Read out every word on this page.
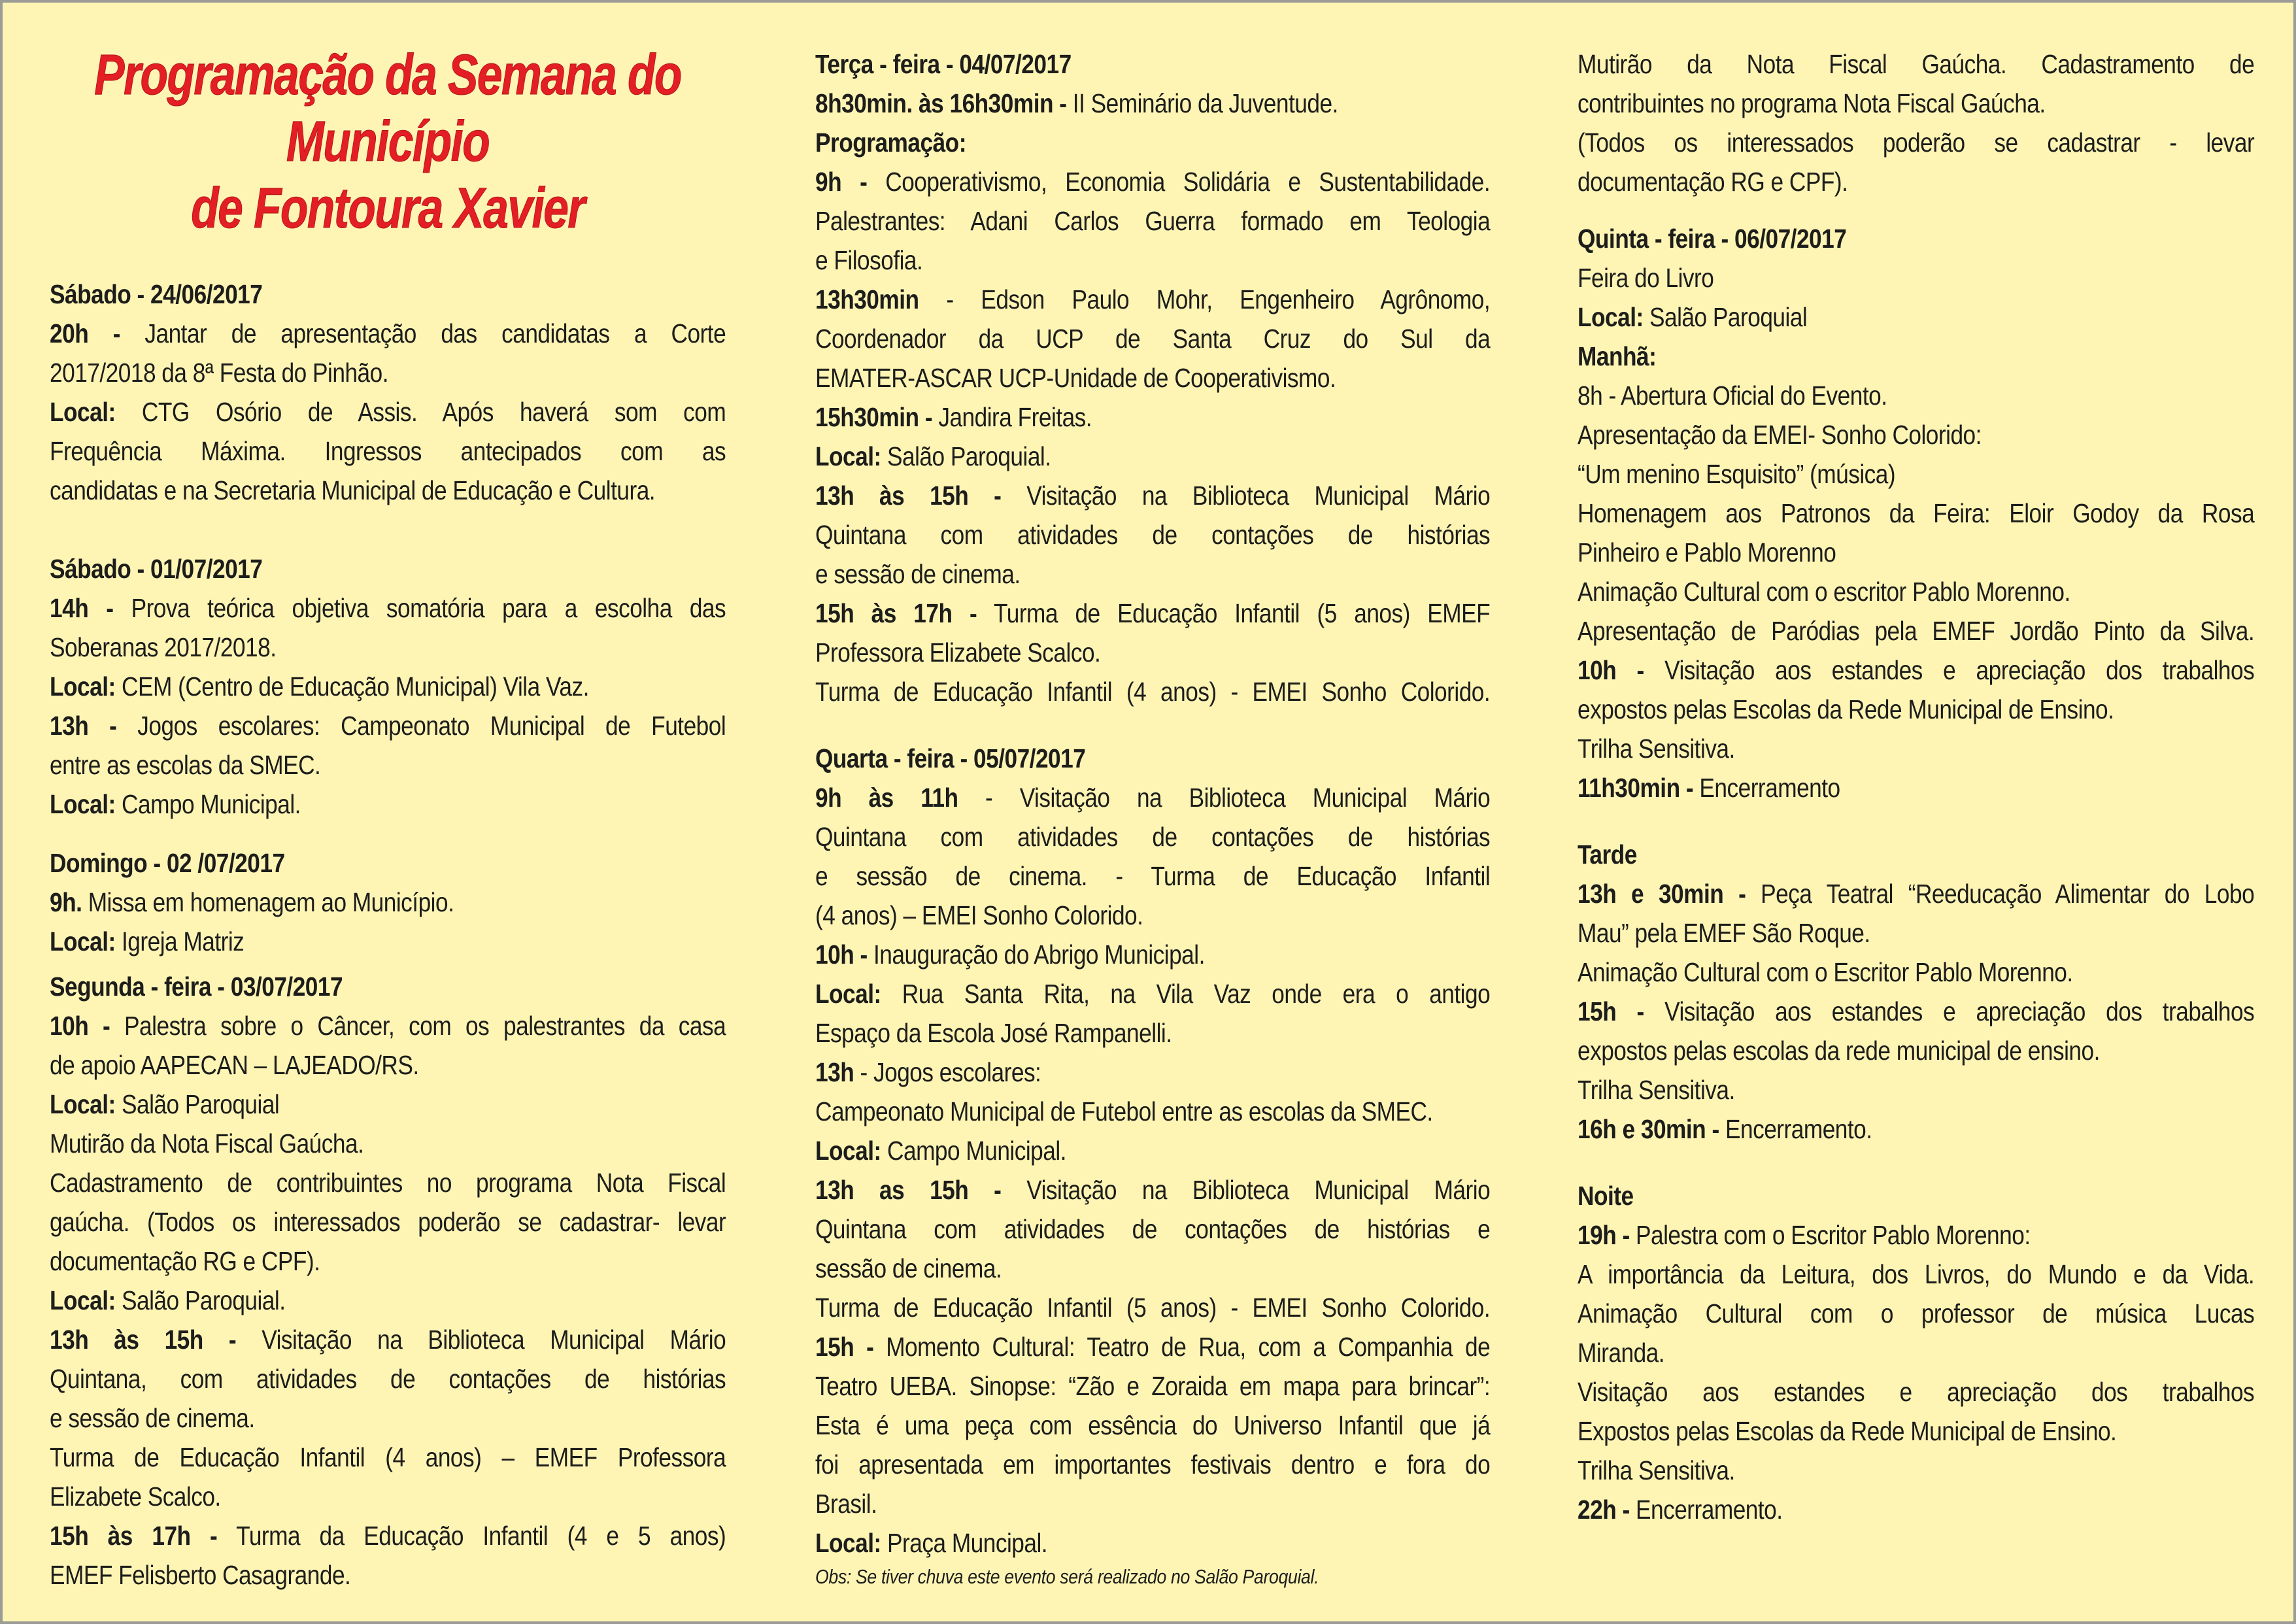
Programação da Semana do Município
de Fontoura Xavier
Sábado - 24/06/2017
20h - Jantar de apresentação das candidatas a Corte
2017/2018 da 8ª Festa do Pinhão.
Local: CTG Osório de Assis. Após haverá som com
Frequência Máxima. Ingressos antecipados com as
candidatas e na Secretaria Municipal de Educação e Cultura.
Sábado - 01/07/2017
14h - Prova teórica objetiva somatória para a escolha das
Soberanas 2017/2018.
Local: CEM (Centro de Educação Municipal) Vila Vaz.
13h - Jogos escolares: Campeonato Municipal de Futebol
entre as escolas da SMEC.
Local: Campo Municipal.
Domingo - 02 /07/2017
9h. Missa em homenagem ao Município.
Local: Igreja Matriz
Segunda - feira - 03/07/2017
10h - Palestra sobre o Câncer, com os palestrantes da casa
de apoio AAPECAN – LAJEADO/RS.
Local: Salão Paroquial
Mutirão da Nota Fiscal Gaúcha.
Cadastramento de contribuintes no programa Nota Fiscal
gaúcha. (Todos os interessados poderão se cadastrar- levar
documentação RG e CPF).
Local: Salão Paroquial.
13h às 15h - Visitação na Biblioteca Municipal Mário
Quintana, com atividades de contações de histórias
e sessão de cinema.
Turma de Educação Infantil (4 anos) – EMEF Professora
Elizabete Scalco.
15h às 17h - Turma da Educação Infantil (4 e 5 anos)
EMEF Felisberto Casagrande.
Terça - feira - 04/07/2017
8h30min. às 16h30min - II Seminário da Juventude.
Programação:
9h - Cooperativismo, Economia Solidária e Sustentabilidade.
Palestrantes: Adani Carlos Guerra formado em Teologia
e Filosofia.
13h30min - Edson Paulo Mohr, Engenheiro Agrônomo,
Coordenador da UCP de Santa Cruz do Sul da
EMATER-ASCAR UCP-Unidade de Cooperativismo.
15h30min - Jandira Freitas.
Local: Salão Paroquial.
13h às 15h - Visitação na Biblioteca Municipal Mário
Quintana com atividades de contações de histórias
e sessão de cinema.
15h às 17h - Turma de Educação Infantil (5 anos) EMEF
Professora Elizabete Scalco.
Turma de Educação Infantil (4 anos) - EMEI Sonho Colorido.
Quarta - feira - 05/07/2017
9h às 11h - Visitação na Biblioteca Municipal Mário
Quintana com atividades de contações de histórias
e sessão de cinema. - Turma de Educação Infantil
(4 anos) – EMEI Sonho Colorido.
10h - Inauguração do Abrigo Municipal.
Local: Rua Santa Rita, na Vila Vaz onde era o antigo
Espaço da Escola José Rampanelli.
13h - Jogos escolares:
Campeonato Municipal de Futebol entre as escolas da SMEC.
Local: Campo Municipal.
13h as 15h - Visitação na Biblioteca Municipal Mário
Quintana com atividades de contações de histórias e
sessão de cinema.
Turma de Educação Infantil (5 anos) - EMEI Sonho Colorido.
15h - Momento Cultural: Teatro de Rua, com a Companhia de
Teatro UEBA. Sinopse: “Zão e Zoraida em mapa para brincar”:
Esta é uma peça com essência do Universo Infantil que já
foi apresentada em importantes festivais dentro e fora do
Brasil.
Local: Praça Muncipal.
Obs: Se tiver chuva este evento será realizado no Salão Paroquial.
Mutirão da Nota Fiscal Gaúcha. Cadastramento de
contribuintes no programa Nota Fiscal Gaúcha.
(Todos os interessados poderão se cadastrar - levar
documentação RG e CPF).
Quinta - feira - 06/07/2017
Feira do Livro
Local: Salão Paroquial
Manhã:
8h - Abertura Oficial do Evento.
Apresentação da EMEI- Sonho Colorido:
“Um menino Esquisito” (música)
Homenagem aos Patronos da Feira: Eloir Godoy da Rosa
Pinheiro e Pablo Morenno
Animação Cultural com o escritor Pablo Morenno.
Apresentação de Paródias pela EMEF Jordão Pinto da Silva.
10h - Visitação aos estandes e apreciação dos trabalhos
expostos pelas Escolas da Rede Municipal de Ensino.
Trilha Sensitiva.
11h30min - Encerramento
Tarde
13h e 30min - Peça Teatral “Reeducação Alimentar do Lobo
Mau” pela EMEF São Roque.
Animação Cultural com o Escritor Pablo Morenno.
15h - Visitação aos estandes e apreciação dos trabalhos
expostos pelas escolas da rede municipal de ensino.
Trilha Sensitiva.
16h e 30min - Encerramento.
Noite
19h - Palestra com o Escritor Pablo Morenno:
A importância da Leitura, dos Livros, do Mundo e da Vida.
Animação Cultural com o professor de música Lucas
Miranda.
Visitação aos estandes e apreciação dos trabalhos
Expostos pelas Escolas da Rede Municipal de Ensino.
Trilha Sensitiva.
22h - Encerramento.
